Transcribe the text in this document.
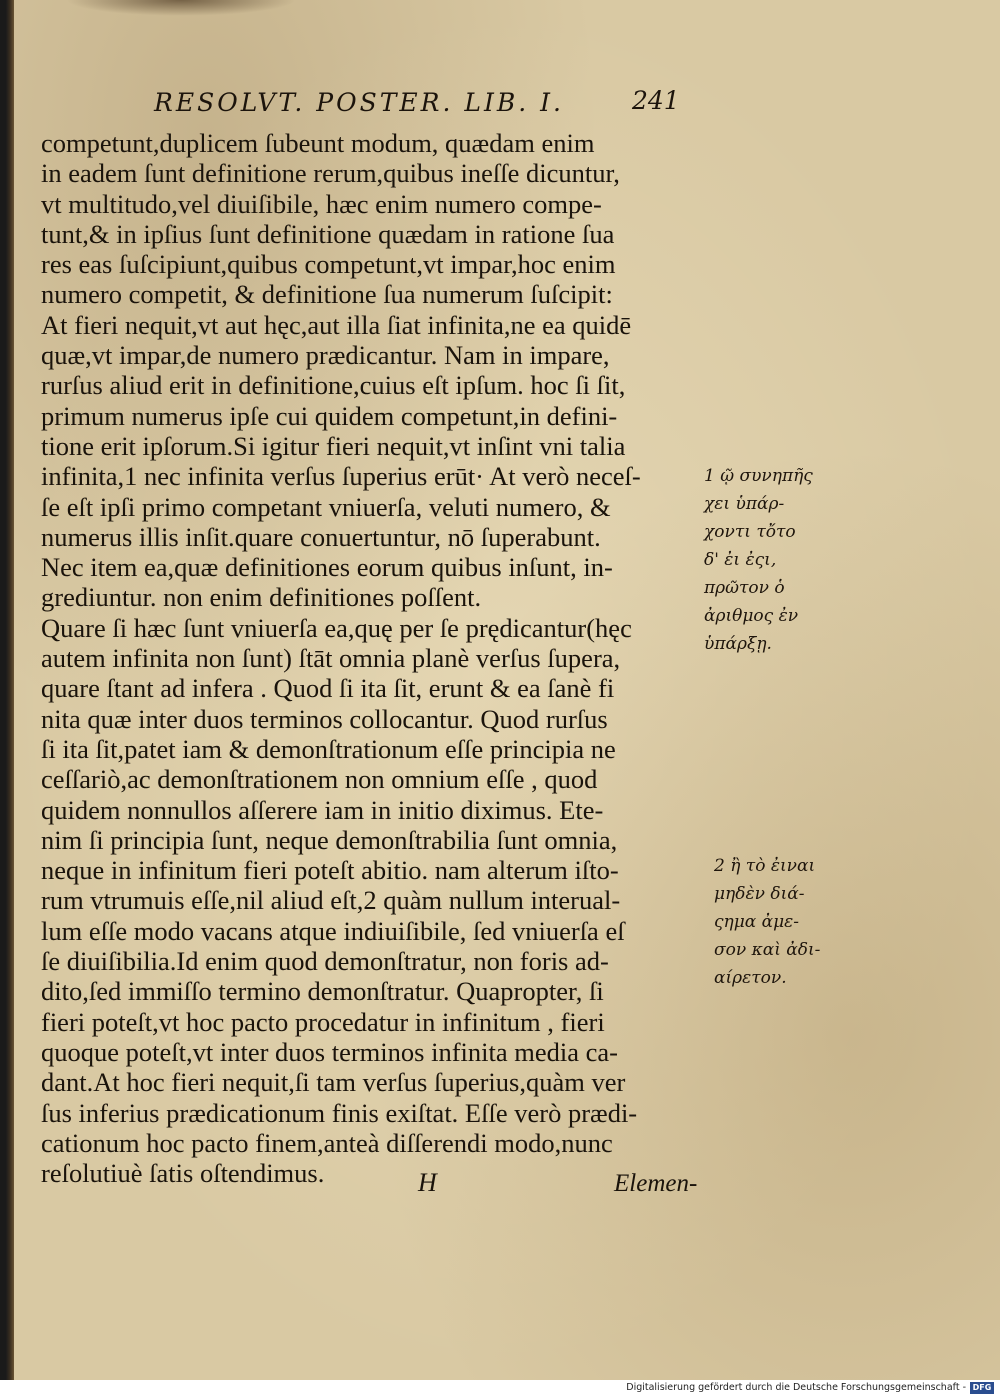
RESOLVT. POSTER. LIB. I.	241
competunt,duplicem ſubeunt modum, quædam enim
in eadem ſunt definitione rerum,quibus ineſſe dicuntur,
vt multitudo,vel diuiſibile, hæc enim numero compe-
tunt,& in ipſius ſunt definitione quædam in ratione ſua
res eas ſuſcipiunt,quibus competunt,vt impar,hoc enim
numero competit, & definitione ſua numerum ſuſcipit:
At fieri nequit,vt aut hęc,aut illa ſiat infinita,ne ea quidē
quæ,vt impar,de numero prædicantur. Nam in impare,
rurſus aliud erit in definitione,cuius eſt ipſum. hoc ſi ſit,
primum numerus ipſe cui quidem competunt,in defini-
tione erit ipſorum.Si igitur fieri nequit,vt inſint vni talia
infinita,1 nec infinita verſus ſuperius erūt· At verò neceſ-
ſe eſt ipſi primo competant vniuerſa, veluti numero, &
numerus illis inſit.quare conuertuntur, nō ſuperabunt.
Nec item ea,quæ definitiones eorum quibus inſunt, in-
grediuntur. non enim definitiones poſſent.
Quare ſi hæc ſunt vniuerſa ea,quę per ſe prędicantur(hęc
autem infinita non ſunt) ſtāt omnia planè verſus ſupera,
quare ſtant ad infera . Quod ſi ita ſit, erunt & ea ſanè fi
nita quæ inter duos terminos collocantur. Quod rurſus
ſi ita ſit,patet iam & demonſtrationum eſſe principia ne
ceſſariò,ac demonſtrationem non omnium eſſe , quod
quidem nonnullos aſſerere iam in initio diximus. Ete-
nim ſi principia ſunt, neque demonſtrabilia ſunt omnia,
neque in infinitum fieri poteſt abitio. nam alterum iſto-
rum vtrumuis eſſe,nil aliud eſt,2 quàm nullum interual-
lum eſſe modo vacans atque indiuiſibile, ſed vniuerſa eſ
ſe diuiſibilia.Id enim quod demonſtratur, non foris ad-
dito,ſed immiſſo termino demonſtratur. Quapropter, ſi
fieri poteſt,vt hoc pacto procedatur in infinitum , fieri
quoque poteſt,vt inter duos terminos infinita media ca-
dant.At hoc fieri nequit,ſi tam verſus ſuperius,quàm ver
ſus inferius prædicationum finis exiſtat. Eſſe verò prædi-
cationum hoc pacto finem,anteà diſſerendi modo,nunc
reſolutiuè ſatis oſtendimus.
1 ῷ συνηπῆς
χει ὑπάρ-
χοντι τὄτο
δ' ἐι ἐςι,
πρῶτον ὁ
ἀριθμος ἐν
ὑπάρξῃ.
2 ἢ τὸ ἐιναι
μηδὲν διά-
ςημα ἀμε-
σον καὶ ἀδι-
αίρετον.
H	Elemen-
Digitalisierung gefördert durch die Deutsche Forschungsgemeinschaft - DFG
